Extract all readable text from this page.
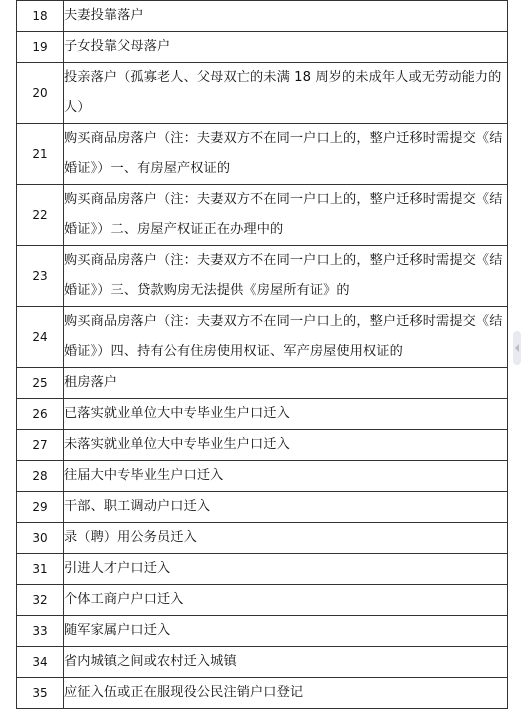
18	夫妻投靠落户
19	子女投靠父母落户
20	投亲落户（孤寡老人、父母双亡的未满 18 周岁的未成年人或无劳动能力的人）
21	购买商品房落户（注：夫妻双方不在同一户口上的，整户迁移时需提交《结婚证》）一、有房屋产权证的
22	购买商品房落户（注：夫妻双方不在同一户口上的，整户迁移时需提交《结婚证》）二、房屋产权证正在办理中的
23	购买商品房落户（注：夫妻双方不在同一户口上的，整户迁移时需提交《结婚证》）三、贷款购房无法提供《房屋所有证》的
24	购买商品房落户（注：夫妻双方不在同一户口上的，整户迁移时需提交《结婚证》）四、持有公有住房使用权证、军产房屋使用权证的
25	租房落户
26	已落实就业单位大中专毕业生户口迁入
27	未落实就业单位大中专毕业生户口迁入
28	往届大中专毕业生户口迁入
29	干部、职工调动户口迁入
30	录（聘）用公务员迁入
31	引进人才户口迁入
32	个体工商户户口迁入
33	随军家属户口迁入
34	省内城镇之间或农村迁入城镇
35	应征入伍或正在服现役公民注销户口登记
